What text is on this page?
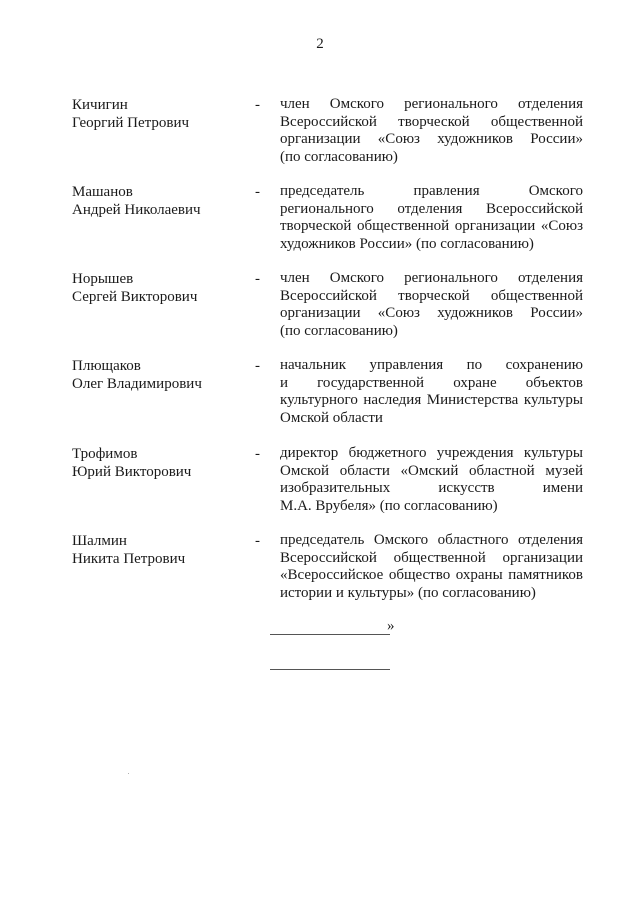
2
Кичигин
Георгий Петрович
- член Омского регионального отделения
Всероссийской творческой общественной
организации «Союз художников России»
(по согласованию)
Машанов
Андрей Николаевич
- председатель правления Омского
регионального отделения Всероссийской
творческой общественной организации «Союз
художников России» (по согласованию)
Норышев
Сергей Викторович
- член Омского регионального отделения
Всероссийской творческой общественной
организации «Союз художников России»
(по согласованию)
Плющаков
Олег Владимирович
- начальник управления по сохранению
и государственной охране объектов
культурного наследия Министерства культуры
Омской области
Трофимов
Юрий Викторович
- директор бюджетного учреждения культуры
Омской области «Омский областной музей
изобразительных искусств имени
М.А. Врубеля» (по согласованию)
Шалмин
Никита Петрович
- председатель Омского областного отделения
Всероссийской общественной организации
«Всероссийское общество охраны памятников
истории и культуры» (по согласованию)
»
